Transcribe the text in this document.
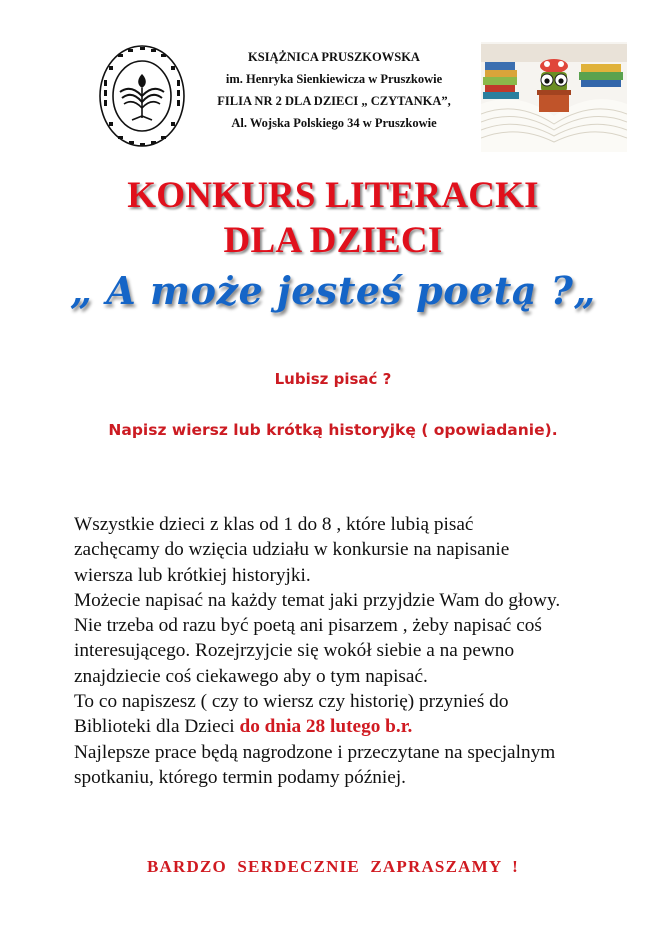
KSIĄŻNICA PRUSZKOWSKA
im. Henryka Sienkiewicza w Pruszkowie
FILIA NR 2 DLA DZIECI „ CZYTANKA”,
Al. Wojska Polskiego 34 w Pruszkowie
KONKURS LITERACKI
DLA DZIECI
„ A może jesteś poetą ?„
Lubisz pisać ?
Napisz wiersz lub krótką historyjkę ( opowiadanie).
Wszystkie dzieci z klas od 1 do 8 , które lubią pisać
zachęcamy do wzięcia udziału w konkursie na napisanie
wiersza lub krótkiej historyjki.
Możecie napisać na każdy temat jaki przyjdzie Wam do głowy.
Nie trzeba od razu być poetą ani pisarzem , żeby napisać coś
interesującego. Rozejrzyjcie się wokół siebie a na pewno
znajdziecie coś ciekawego aby o tym napisać.
To co napiszesz ( czy to wiersz czy historię) przynieś do
Biblioteki dla Dzieci do dnia 28 lutego b.r.
Najlepsze prace będą nagrodzone i przeczytane na specjalnym
spotkaniu, którego termin podamy później.
BARDZO SERDECZNIE ZAPRASZAMY !
